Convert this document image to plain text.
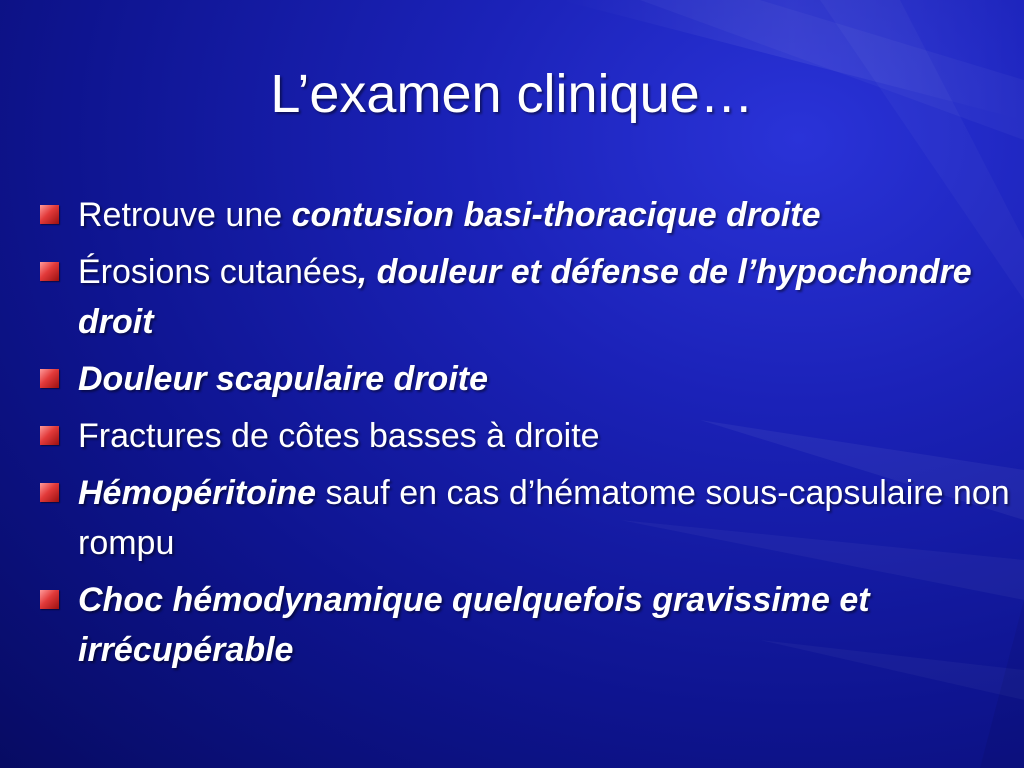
L’examen clinique…
Retrouve une contusion basi-thoracique droite
Érosions cutanées, douleur et défense de l’hypochondre droit
Douleur scapulaire droite
Fractures de côtes basses à droite
Hémopéritoine sauf en cas d’hématome sous-capsulaire non rompu
Choc hémodynamique quelquefois gravissime et irrécupérable
